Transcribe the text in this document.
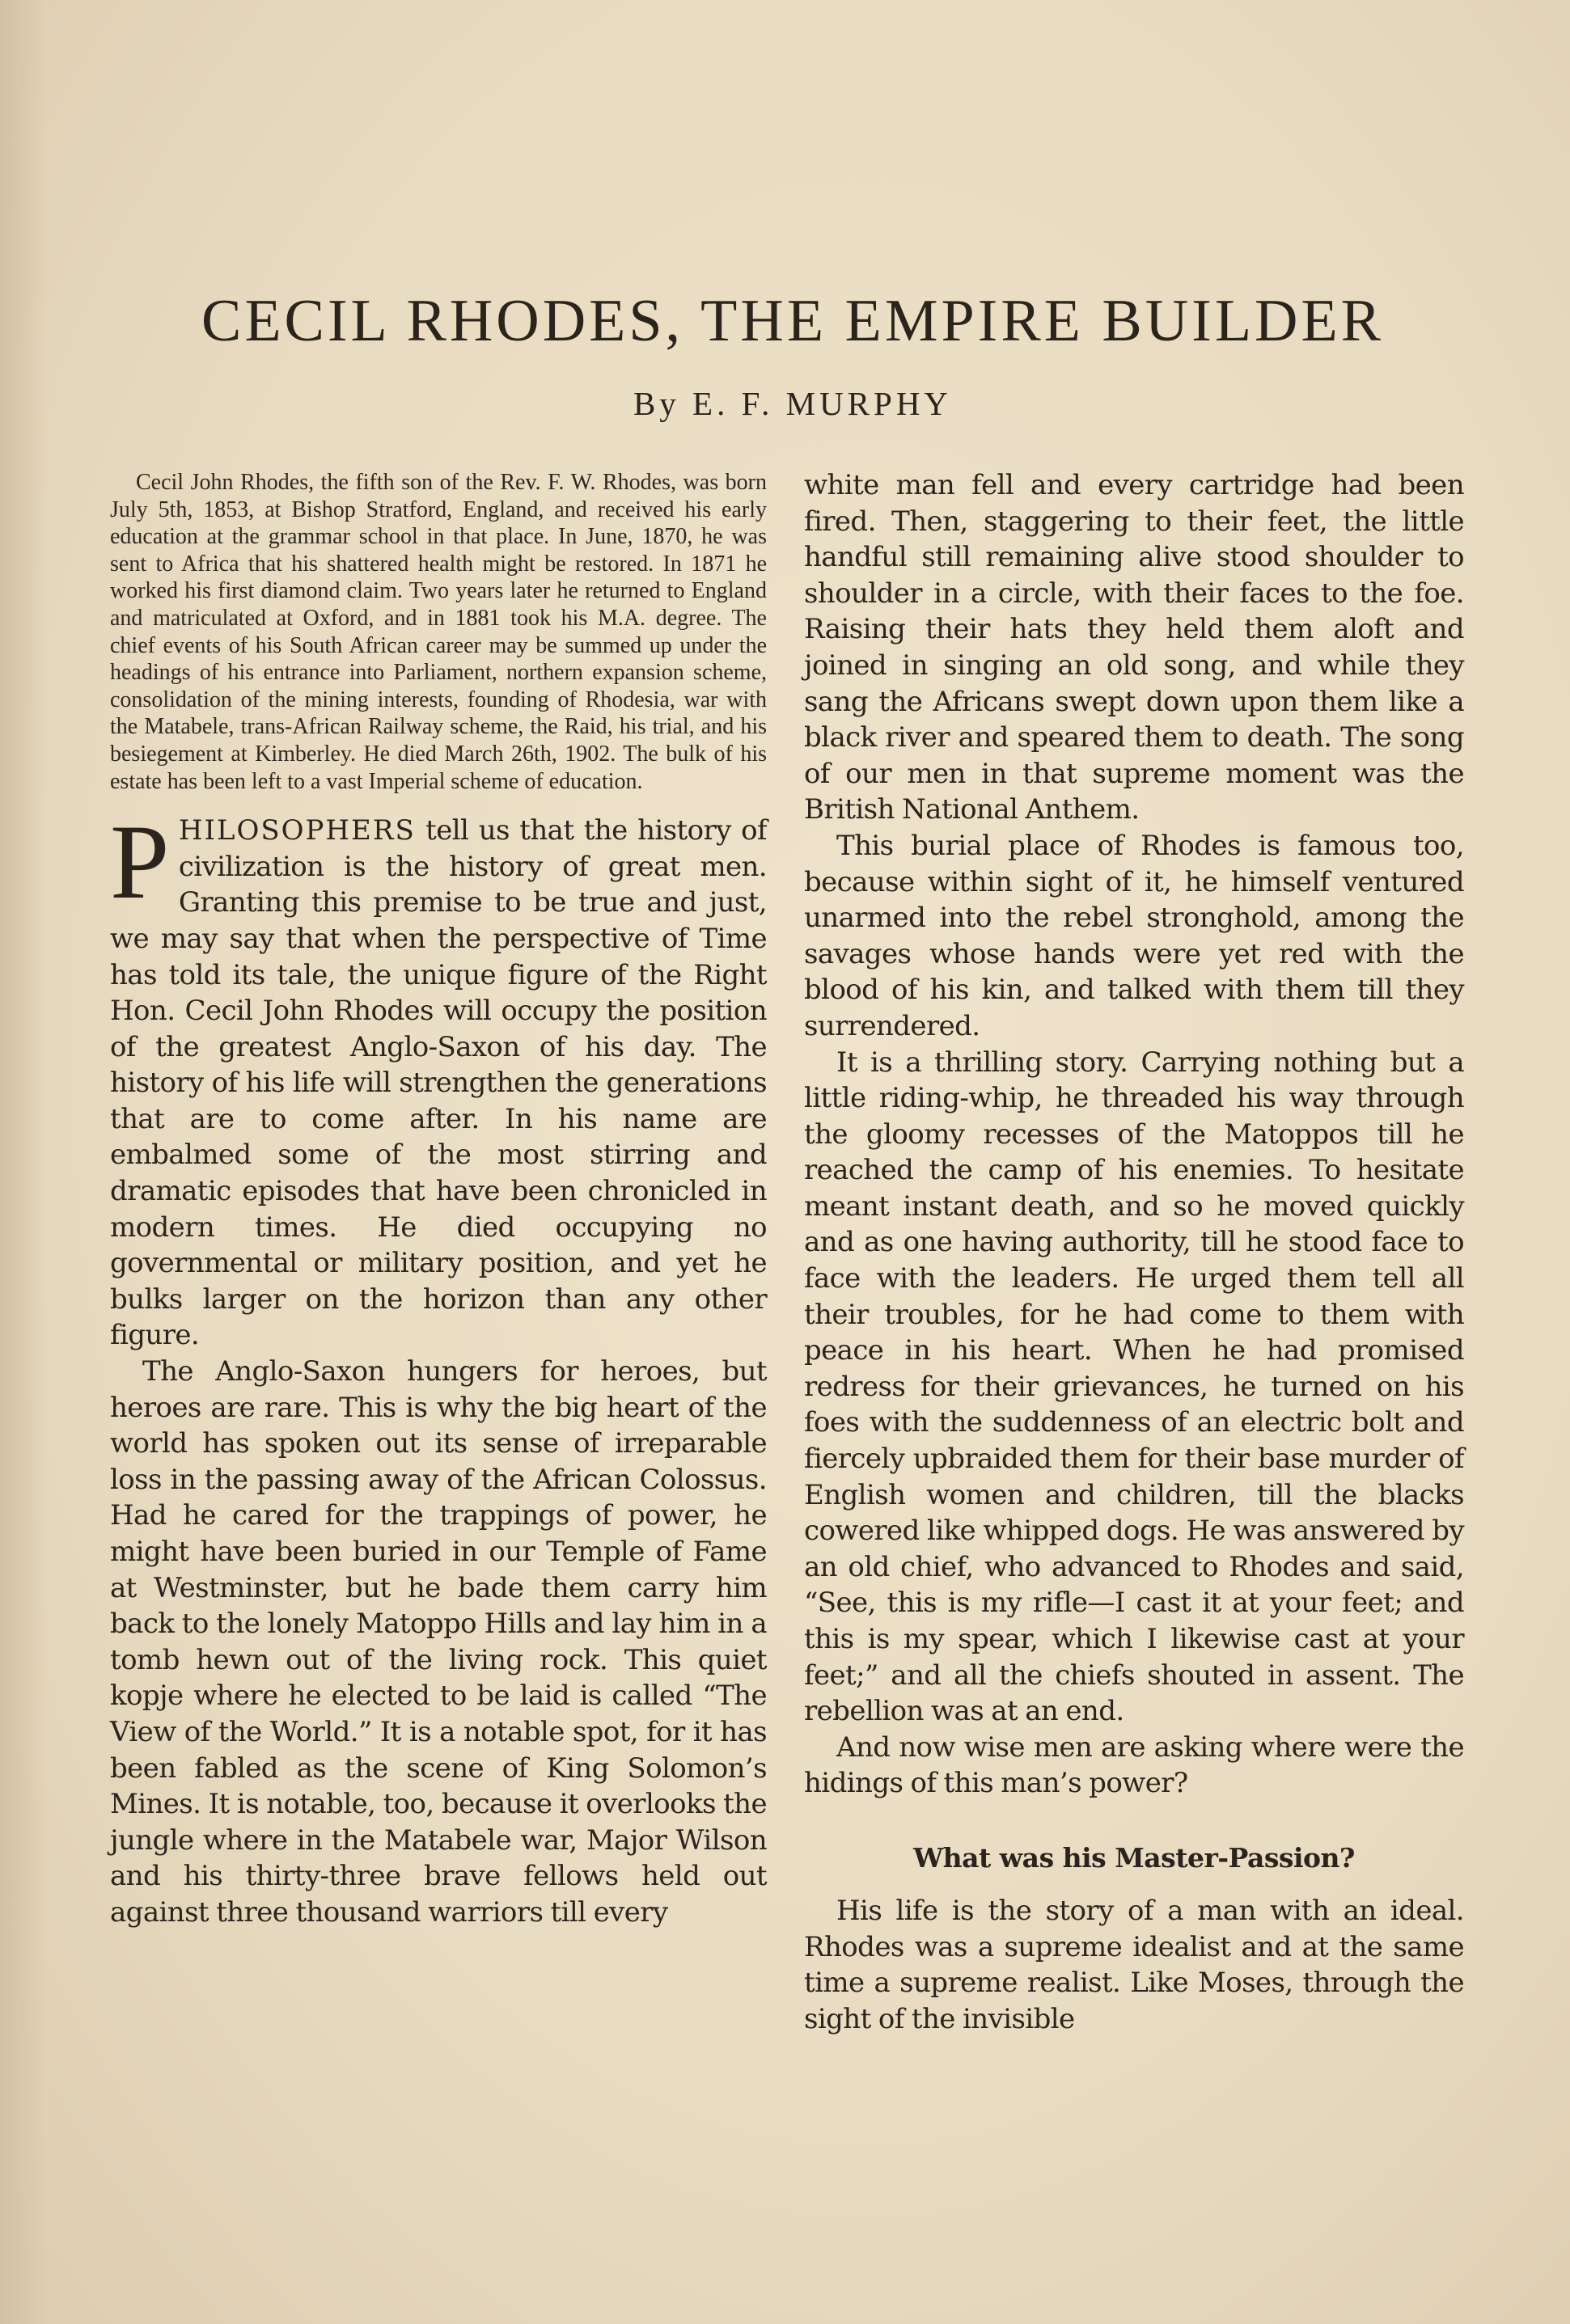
CECIL RHODES, THE EMPIRE BUILDER
By E. F. MURPHY

Cecil John Rhodes, the fifth son of the Rev. F. W. Rhodes, was born July 5th, 1853, at Bishop Stratford, England, and received his early education at the grammar school in that place. In June, 1870, he was sent to Africa that his shattered health might be restored. In 1871 he worked his first diamond claim. Two years later he returned to England and matriculated at Oxford, and in 1881 took his M.A. degree. The chief events of his South African career may be summed up under the headings of his entrance into Parliament, northern expansion scheme, consolidation of the mining interests, founding of Rhodesia, war with the Matabele, trans-African Railway scheme, the Raid, his trial, and his besiegement at Kimberley. He died March 26th, 1902. The bulk of his estate has been left to a vast Imperial scheme of education.

PHILOSOPHERS tell us that the history of civilization is the history of great men. Granting this premise to be true and just, we may say that when the perspective of Time has told its tale, the unique figure of the Right Hon. Cecil John Rhodes will occupy the position of the greatest Anglo-Saxon of his day. The history of his life will strengthen the generations that are to come after. In his name are embalmed some of the most stirring and dramatic episodes that have been chronicled in modern times. He died occupying no governmental or military position, and yet he bulks larger on the horizon than any other figure.

The Anglo-Saxon hungers for heroes, but heroes are rare. This is why the big heart of the world has spoken out its sense of irreparable loss in the passing away of the African Colossus. Had he cared for the trappings of power, he might have been buried in our Temple of Fame at Westminster, but he bade them carry him back to the lonely Matoppo Hills and lay him in a tomb hewn out of the living rock. This quiet kopje where he elected to be laid is called “The View of the World.” It is a notable spot, for it has been fabled as the scene of King Solomon’s Mines. It is notable, too, because it overlooks the jungle where in the Matabele war, Major Wilson and his thirty-three brave fellows held out against three thousand warriors till every

white man fell and every cartridge had been fired. Then, staggering to their feet, the little handful still remaining alive stood shoulder to shoulder in a circle, with their faces to the foe. Raising their hats they held them aloft and joined in singing an old song, and while they sang the Africans swept down upon them like a black river and speared them to death. The song of our men in that supreme moment was the British National Anthem.

This burial place of Rhodes is famous too, because within sight of it, he himself ventured unarmed into the rebel stronghold, among the savages whose hands were yet red with the blood of his kin, and talked with them till they surrendered.

It is a thrilling story. Carrying nothing but a little riding-whip, he threaded his way through the gloomy recesses of the Matoppos till he reached the camp of his enemies. To hesitate meant instant death, and so he moved quickly and as one having authority, till he stood face to face with the leaders. He urged them tell all their troubles, for he had come to them with peace in his heart. When he had promised redress for their grievances, he turned on his foes with the suddenness of an electric bolt and fiercely upbraided them for their base murder of English women and children, till the blacks cowered like whipped dogs. He was answered by an old chief, who advanced to Rhodes and said, “See, this is my rifle—I cast it at your feet; and this is my spear, which I likewise cast at your feet;” and all the chiefs shouted in assent. The rebellion was at an end.

And now wise men are asking where were the hidings of this man’s power?

What was his Master-Passion?

His life is the story of a man with an ideal. Rhodes was a supreme idealist and at the same time a supreme realist. Like Moses, through the sight of the invisible
